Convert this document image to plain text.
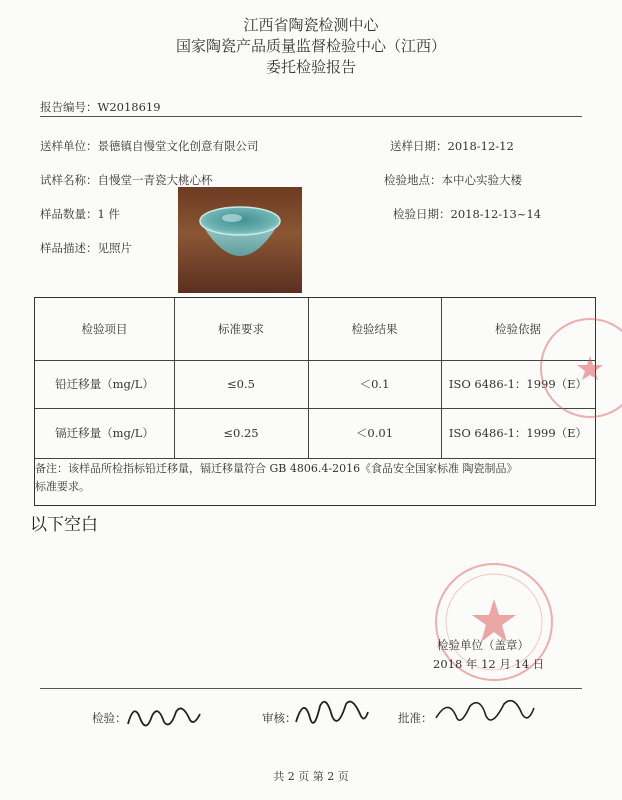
江西省陶瓷检测中心
国家陶瓷产品质量监督检验中心（江西）
委托检验报告
报告编号：W2018619
送样单位：景德镇自慢堂文化创意有限公司	送样日期：2018-12-12
试样名称：自慢堂一青瓷大桃心杯	检验地点：本中心实验大楼
样品数量：1 件	检验日期：2018-12-13~14
样品描述：见照片
检验项目	标准要求	检验结果	检验依据
铅迁移量（mg/L）	≤0.5	＜0.1	ISO 6486-1：1999（E）
镉迁移量（mg/L）	≤0.25	＜0.01	ISO 6486-1：1999（E）
备注：该样品所检指标铅迁移量，镉迁移量符合 GB 4806.4-2016《食品安全国家标准 陶瓷制品》
标准要求。
以下空白
检验单位（盖章）
2018 年 12 月 14 日
检验：	审核：	批准：
共 2 页 第 2 页
